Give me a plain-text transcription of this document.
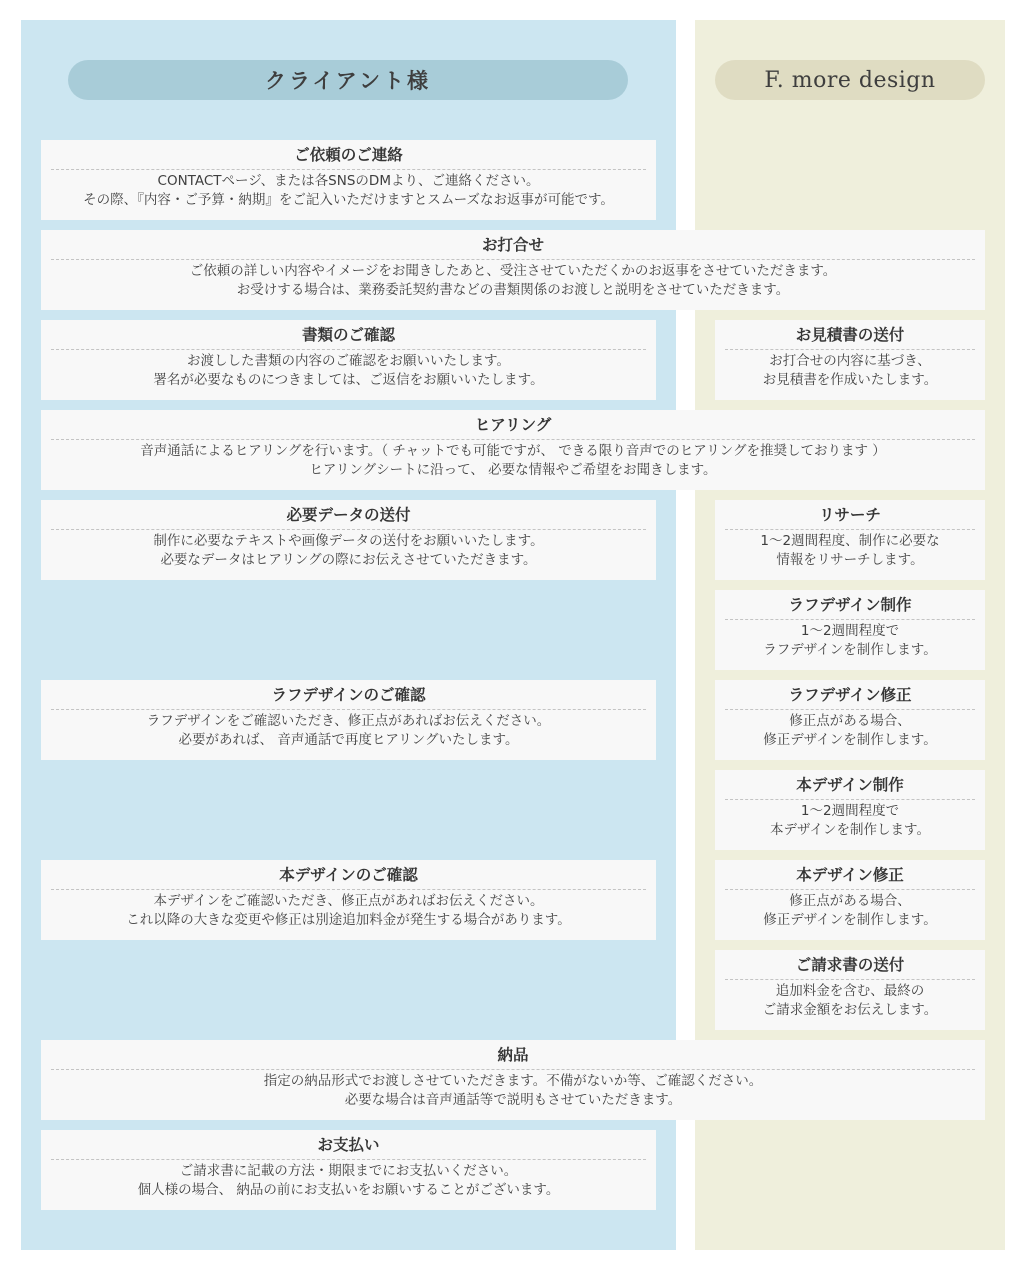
クライアント様	F. more design
ご依頼のご連絡
CONTACTページ、または各SNSのDMより、ご連絡ください。
その際、『内容・ご予算・納期』をご記入いただけますとスムーズなお返事が可能です。
お打合せ
ご依頼の詳しい内容やイメージをお聞きしたあと、受注させていただくかのお返事をさせていただきます。
お受けする場合は、業務委託契約書などの書類関係のお渡しと説明をさせていただきます。
書類のご確認
お渡しした書類の内容のご確認をお願いいたします。
署名が必要なものにつきましては、ご返信をお願いいたします。
お見積書の送付
お打合せの内容に基づき、
お見積書を作成いたします。
ヒアリング
音声通話によるヒアリングを行います。（ チャットでも可能ですが、 できる限り音声でのヒアリングを推奨しております ）
ヒアリングシートに沿って、 必要な情報やご希望をお聞きします。
必要データの送付
制作に必要なテキストや画像データの送付をお願いいたします。
必要なデータはヒアリングの際にお伝えさせていただきます。
リサーチ
1～2週間程度、制作に必要な
情報をリサーチします。
ラフデザイン制作
1～2週間程度で
ラフデザインを制作します。
ラフデザインのご確認
ラフデザインをご確認いただき、修正点があればお伝えください。
必要があれば、 音声通話で再度ヒアリングいたします。
ラフデザイン修正
修正点がある場合、
修正デザインを制作します。
本デザイン制作
1～2週間程度で
本デザインを制作します。
本デザインのご確認
本デザインをご確認いただき、修正点があればお伝えください。
これ以降の大きな変更や修正は別途追加料金が発生する場合があります。
本デザイン修正
修正点がある場合、
修正デザインを制作します。
ご請求書の送付
追加料金を含む、最終の
ご請求金額をお伝えします。
納品
指定の納品形式でお渡しさせていただきます。不備がないか等、ご確認ください。
必要な場合は音声通話等で説明もさせていただきます。
お支払い
ご請求書に記載の方法・期限までにお支払いください。
個人様の場合、 納品の前にお支払いをお願いすることがございます。
